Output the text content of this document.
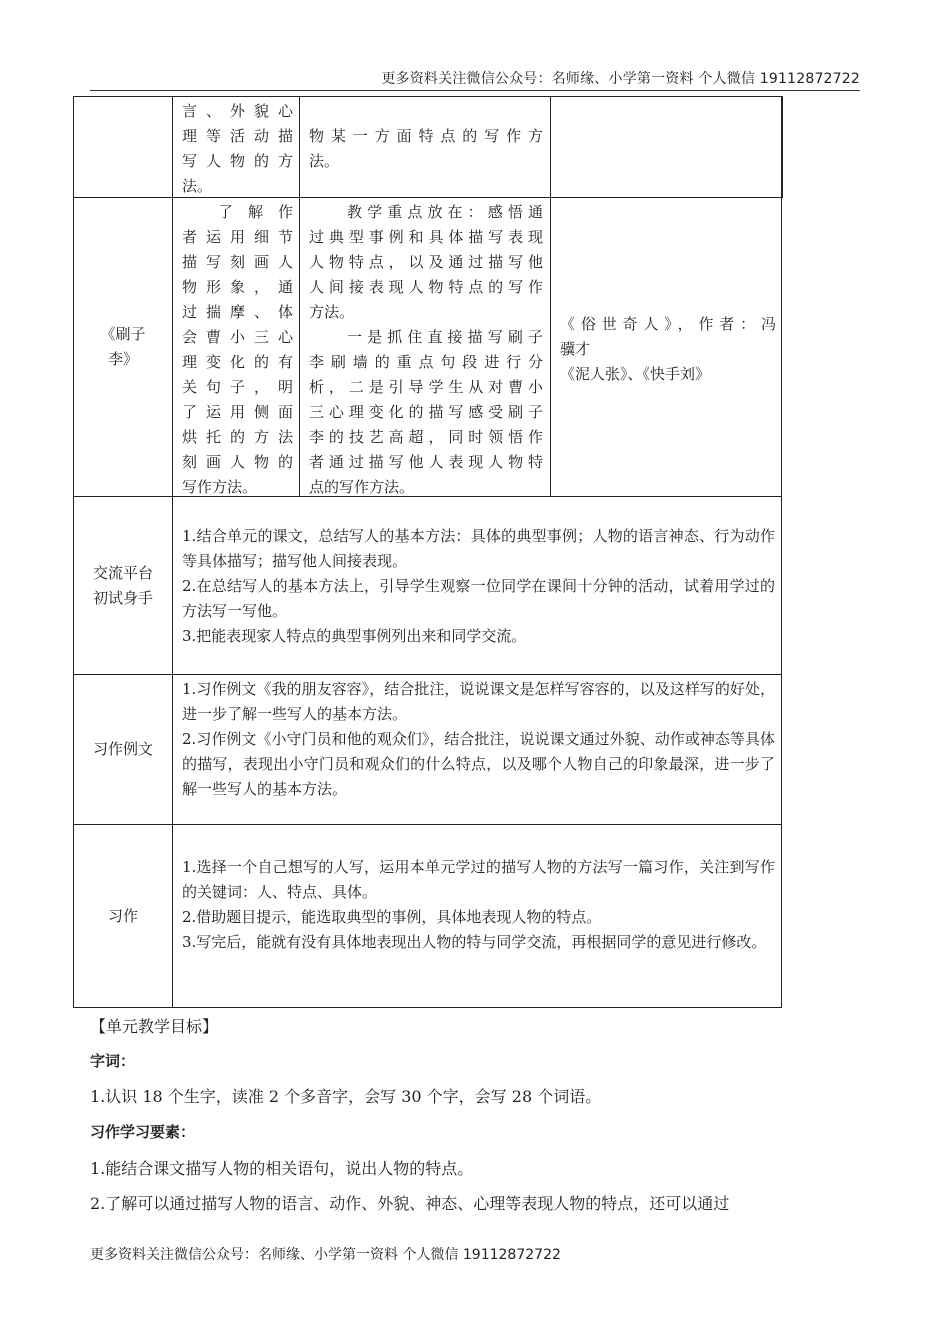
更多资料关注微信公众号：名师缘、小学第一资料 个人微信 19112872722

言、外貌心

理等活动描

写人物的方

法。

物某一方面特点的写作方

法。

《刷子

李》

了解作

者运用细节

描写刻画人

物形象，通

过揣摩、体

会曹小三心

理变化的有

关句子，明

了运用侧面

烘托的方法

刻画人物的

写作方法。

教学重点放在：感悟通

过典型事例和具体描写表现

人物特点，以及通过描写他

人间接表现人物特点的写作

方法。

一是抓住直接描写刷子

李刷墙的重点句段进行分

析，二是引导学生从对曹小

三心理变化的描写感受刷子

李的技艺高超，同时领悟作

者通过描写他人表现人物特

点的写作方法。

《俗世奇人》，作者：冯

骥才

《泥人张》、《快手刘》

交流平台

初试身手

1.结合单元的课文，总结写人的基本方法：具体的典型事例；人物的语言神态、行为动作等具体描写；描写他人间接表现。

2.在总结写人的基本方法上，引导学生观察一位同学在课间十分钟的活动，试着用学过的方法写一写他。

3.把能表现家人特点的典型事例列出来和同学交流。

习作例文

1.习作例文《我的朋友容容》，结合批注，说说课文是怎样写容容的，以及这样写的好处，进一步了解一些写人的基本方法。

2.习作例文《小守门员和他的观众们》，结合批注，说说课文通过外貌、动作或神态等具体的描写，表现出小守门员和观众们的什么特点，以及哪个人物自己的印象最深，进一步了解一些写人的基本方法。

习作

1.选择一个自己想写的人写，运用本单元学过的描写人物的方法写一篇习作，关注到写作的关键词：人、特点、具体。

2.借助题目提示，能选取典型的事例，具体地表现人物的特点。

3.写完后，能就有没有具体地表现出人物的特与同学交流，再根据同学的意见进行修改。

【单元教学目标】
字词：
1.认识 18 个生字，读准 2 个多音字，会写 30 个字，会写 28 个词语。
习作学习要素：
1.能结合课文描写人物的相关语句，说出人物的特点。
2.了解可以通过描写人物的语言、动作、外貌、神态、心理等表现人物的特点，还可以通过
更多资料关注微信公众号：名师缘、小学第一资料 个人微信 19112872722
